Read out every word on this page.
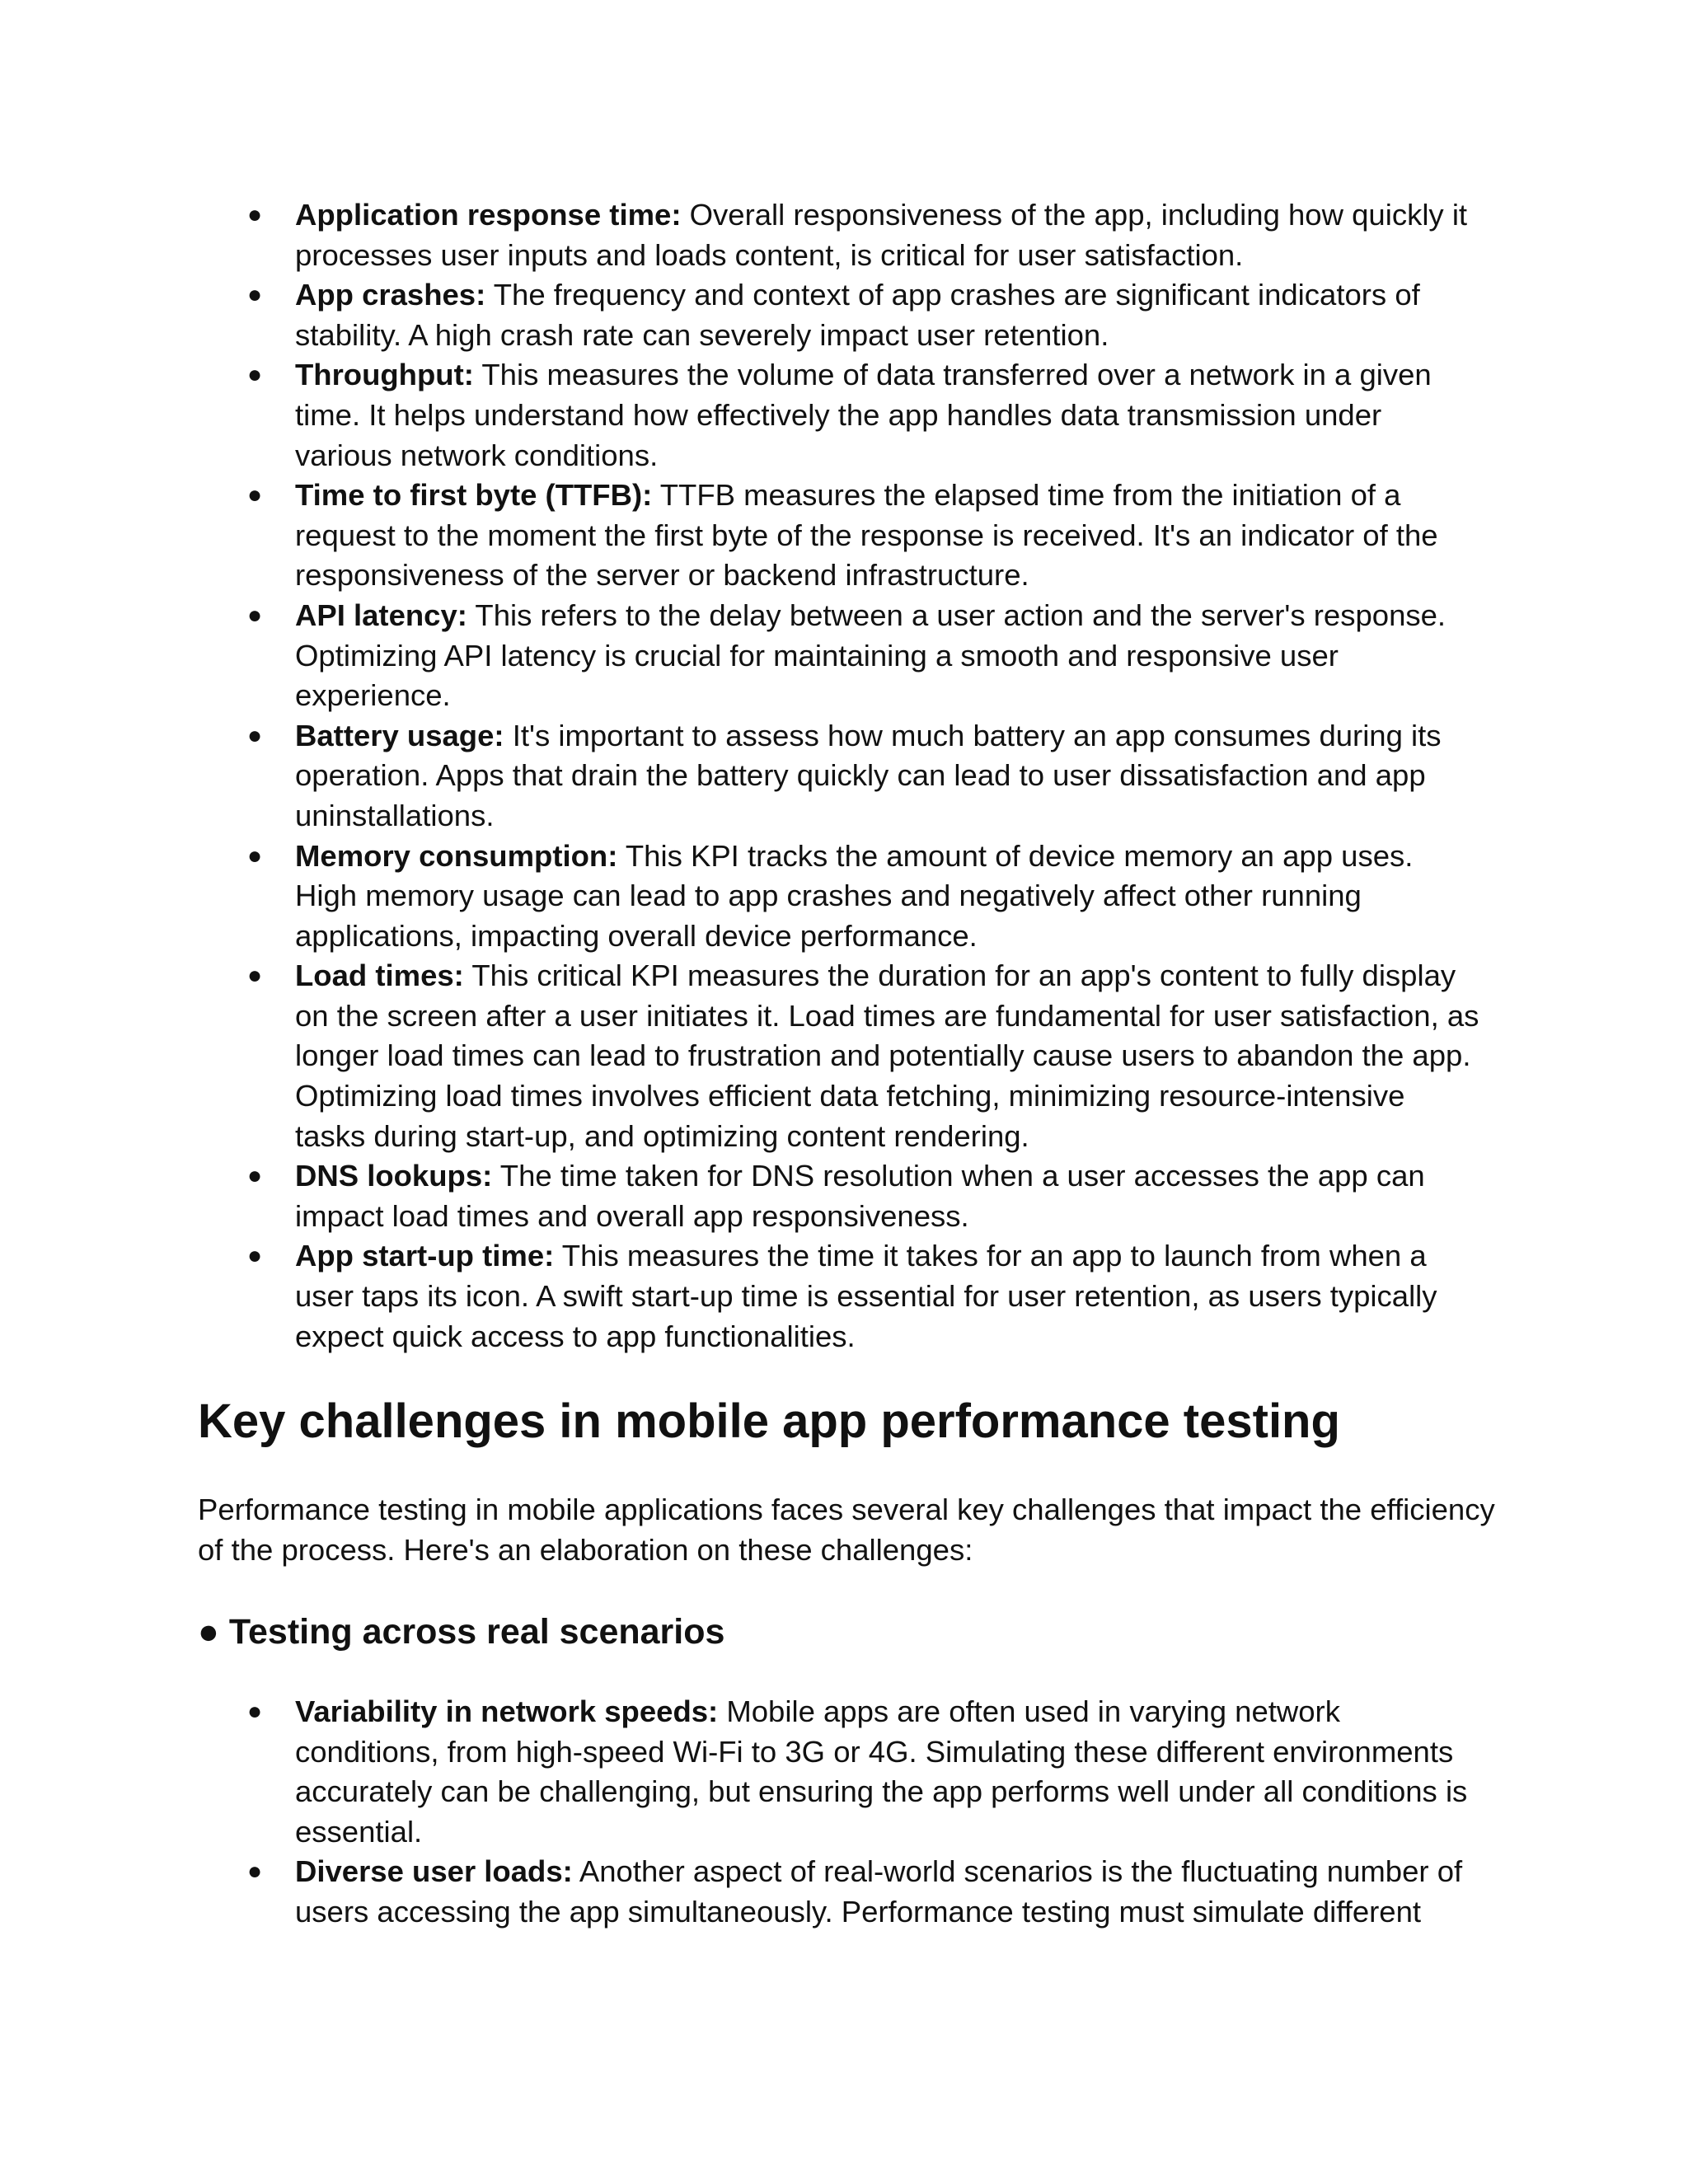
● Application response time: Overall responsiveness of the app, including how quickly it processes user inputs and loads content, is critical for user satisfaction.
● App crashes: The frequency and context of app crashes are significant indicators of stability. A high crash rate can severely impact user retention.
● Throughput: This measures the volume of data transferred over a network in a given time. It helps understand how effectively the app handles data transmission under various network conditions.
● Time to first byte (TTFB): TTFB measures the elapsed time from the initiation of a request to the moment the first byte of the response is received. It's an indicator of the responsiveness of the server or backend infrastructure.
● API latency: This refers to the delay between a user action and the server's response. Optimizing API latency is crucial for maintaining a smooth and responsive user experience.
● Battery usage: It's important to assess how much battery an app consumes during its operation. Apps that drain the battery quickly can lead to user dissatisfaction and app uninstallations.
● Memory consumption: This KPI tracks the amount of device memory an app uses. High memory usage can lead to app crashes and negatively affect other running applications, impacting overall device performance.
● Load times: This critical KPI measures the duration for an app's content to fully display on the screen after a user initiates it. Load times are fundamental for user satisfaction, as longer load times can lead to frustration and potentially cause users to abandon the app. Optimizing load times involves efficient data fetching, minimizing resource-intensive tasks during start-up, and optimizing content rendering.
● DNS lookups: The time taken for DNS resolution when a user accesses the app can impact load times and overall app responsiveness.
● App start-up time: This measures the time it takes for an app to launch from when a user taps its icon. A swift start-up time is essential for user retention, as users typically expect quick access to app functionalities.
Key challenges in mobile app performance testing

Performance testing in mobile applications faces several key challenges that impact the efficiency of the process. Here's an elaboration on these challenges:

● Testing across real scenarios
● Variability in network speeds: Mobile apps are often used in varying network conditions, from high-speed Wi-Fi to 3G or 4G. Simulating these different environments accurately can be challenging, but ensuring the app performs well under all conditions is essential.
● Diverse user loads: Another aspect of real-world scenarios is the fluctuating number of users accessing the app simultaneously. Performance testing must simulate different
